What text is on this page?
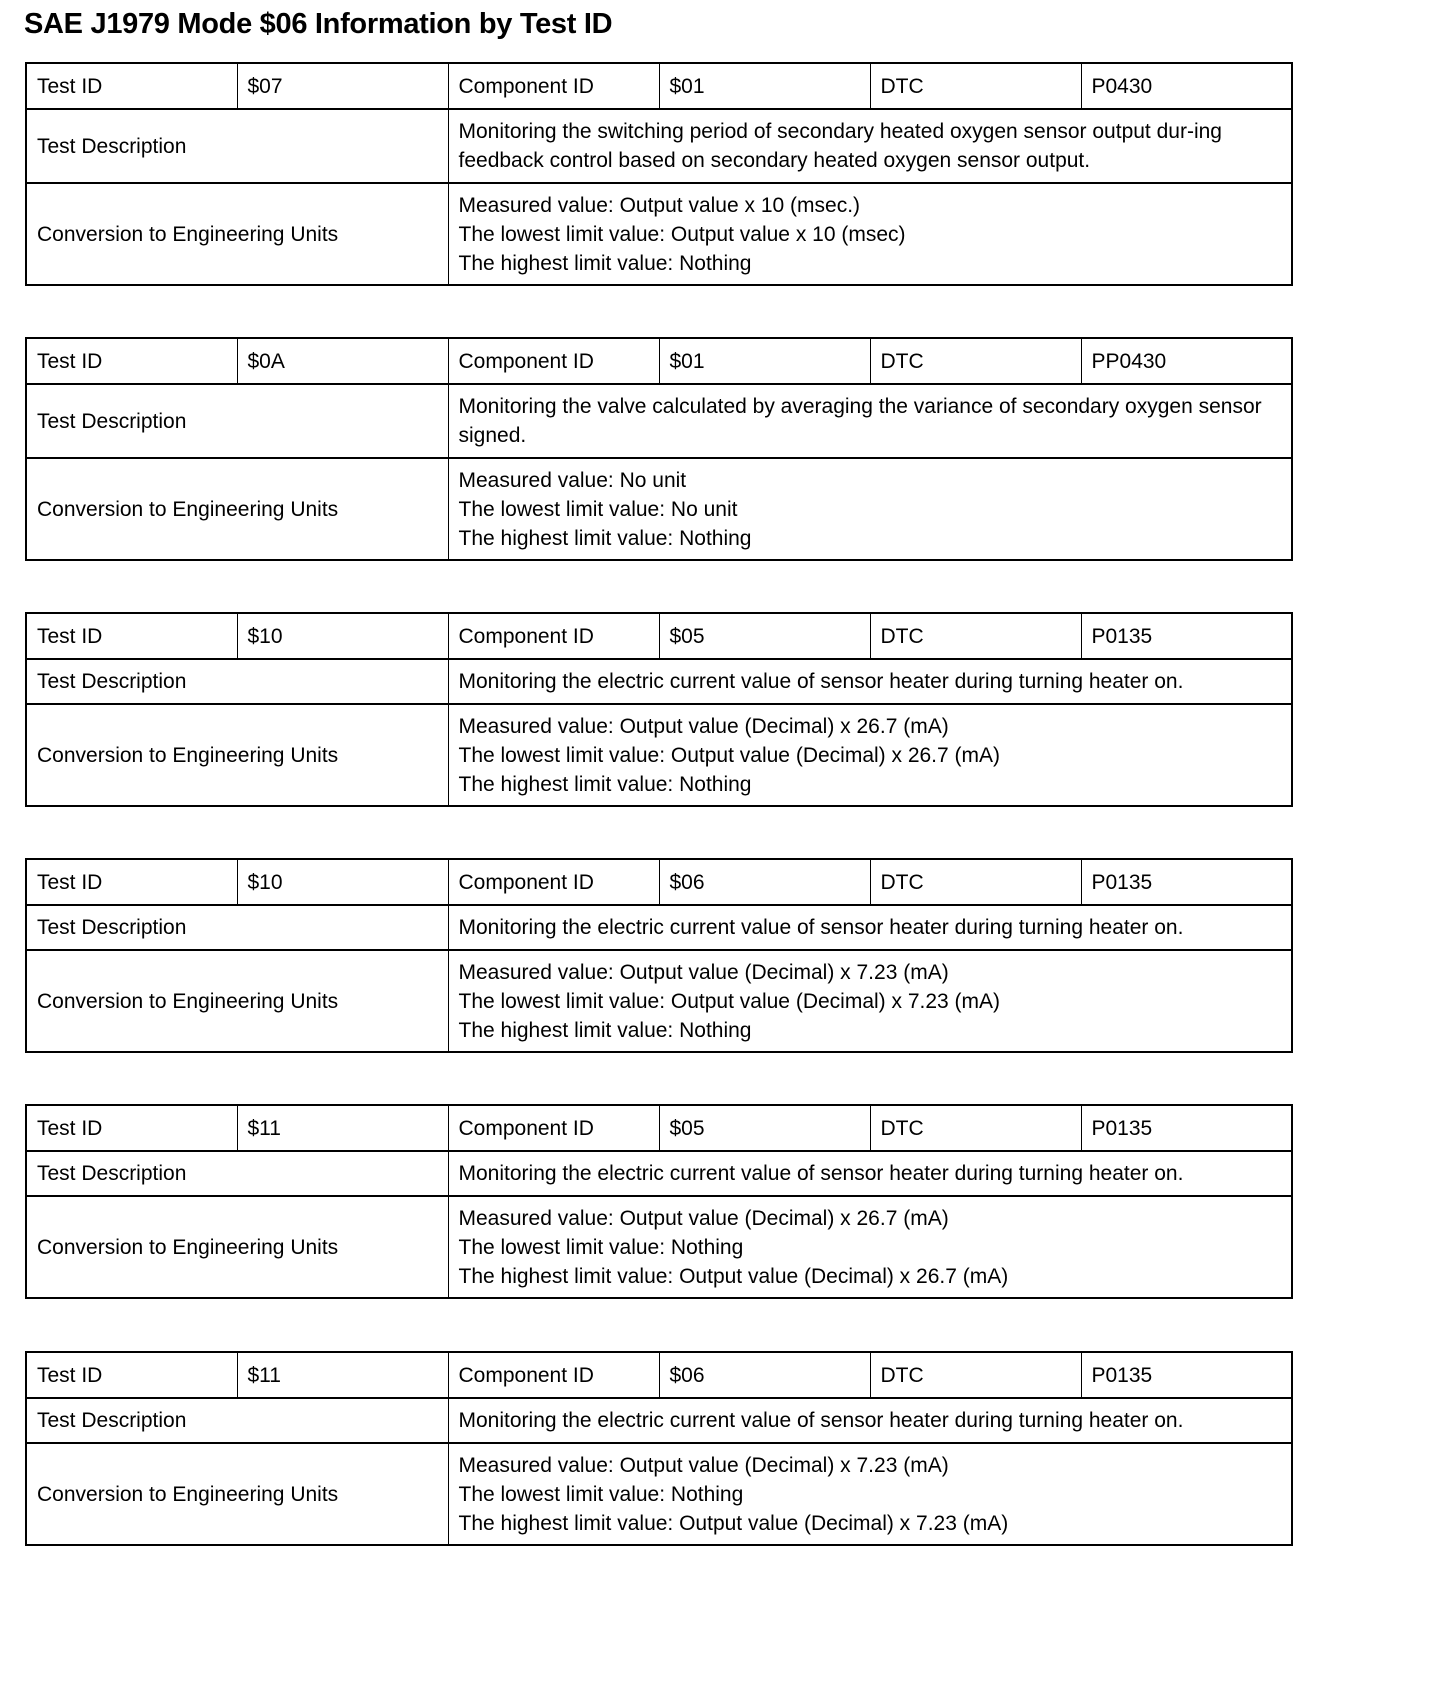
SAE J1979 Mode $06 Information by Test ID
Test ID	$07	Component ID	$01	DTC	P0430
Test Description		Monitoring the switching period of secondary heated oxygen sensor output dur-ing feedback control based on secondary heated oxygen sensor output.			
Conversion to Engineering Units		Measured value: Output value x 10 (msec.)
The lowest limit value: Output value x 10 (msec)
The highest limit value: Nothing			
Test ID	$0A	Component ID	$01	DTC	PP0430
Test Description		Monitoring the valve calculated by averaging the variance of secondary oxygen sensor signed.			
Conversion to Engineering Units		Measured value: No unit
The lowest limit value: No unit
The highest limit value: Nothing			
Test ID	$10	Component ID	$05	DTC	P0135
Test Description		Monitoring the electric current value of sensor heater during turning heater on.			
Conversion to Engineering Units		Measured value: Output value (Decimal) x 26.7 (mA)
The lowest limit value: Output value (Decimal) x 26.7 (mA)
The highest limit value: Nothing			
Test ID	$10	Component ID	$06	DTC	P0135
Test Description		Monitoring the electric current value of sensor heater during turning heater on.			
Conversion to Engineering Units		Measured value: Output value (Decimal) x 7.23 (mA)
The lowest limit value: Output value (Decimal) x 7.23 (mA)
The highest limit value: Nothing			
Test ID	$11	Component ID	$05	DTC	P0135
Test Description		Monitoring the electric current value of sensor heater during turning heater on.			
Conversion to Engineering Units		Measured value: Output value (Decimal) x 26.7 (mA)
The lowest limit value: Nothing
The highest limit value: Output value (Decimal) x 26.7 (mA)			
Test ID	$11	Component ID	$06	DTC	P0135
Test Description		Monitoring the electric current value of sensor heater during turning heater on.			
Conversion to Engineering Units		Measured value: Output value (Decimal) x 7.23 (mA)
The lowest limit value: Nothing
The highest limit value: Output value (Decimal) x 7.23 (mA)			
